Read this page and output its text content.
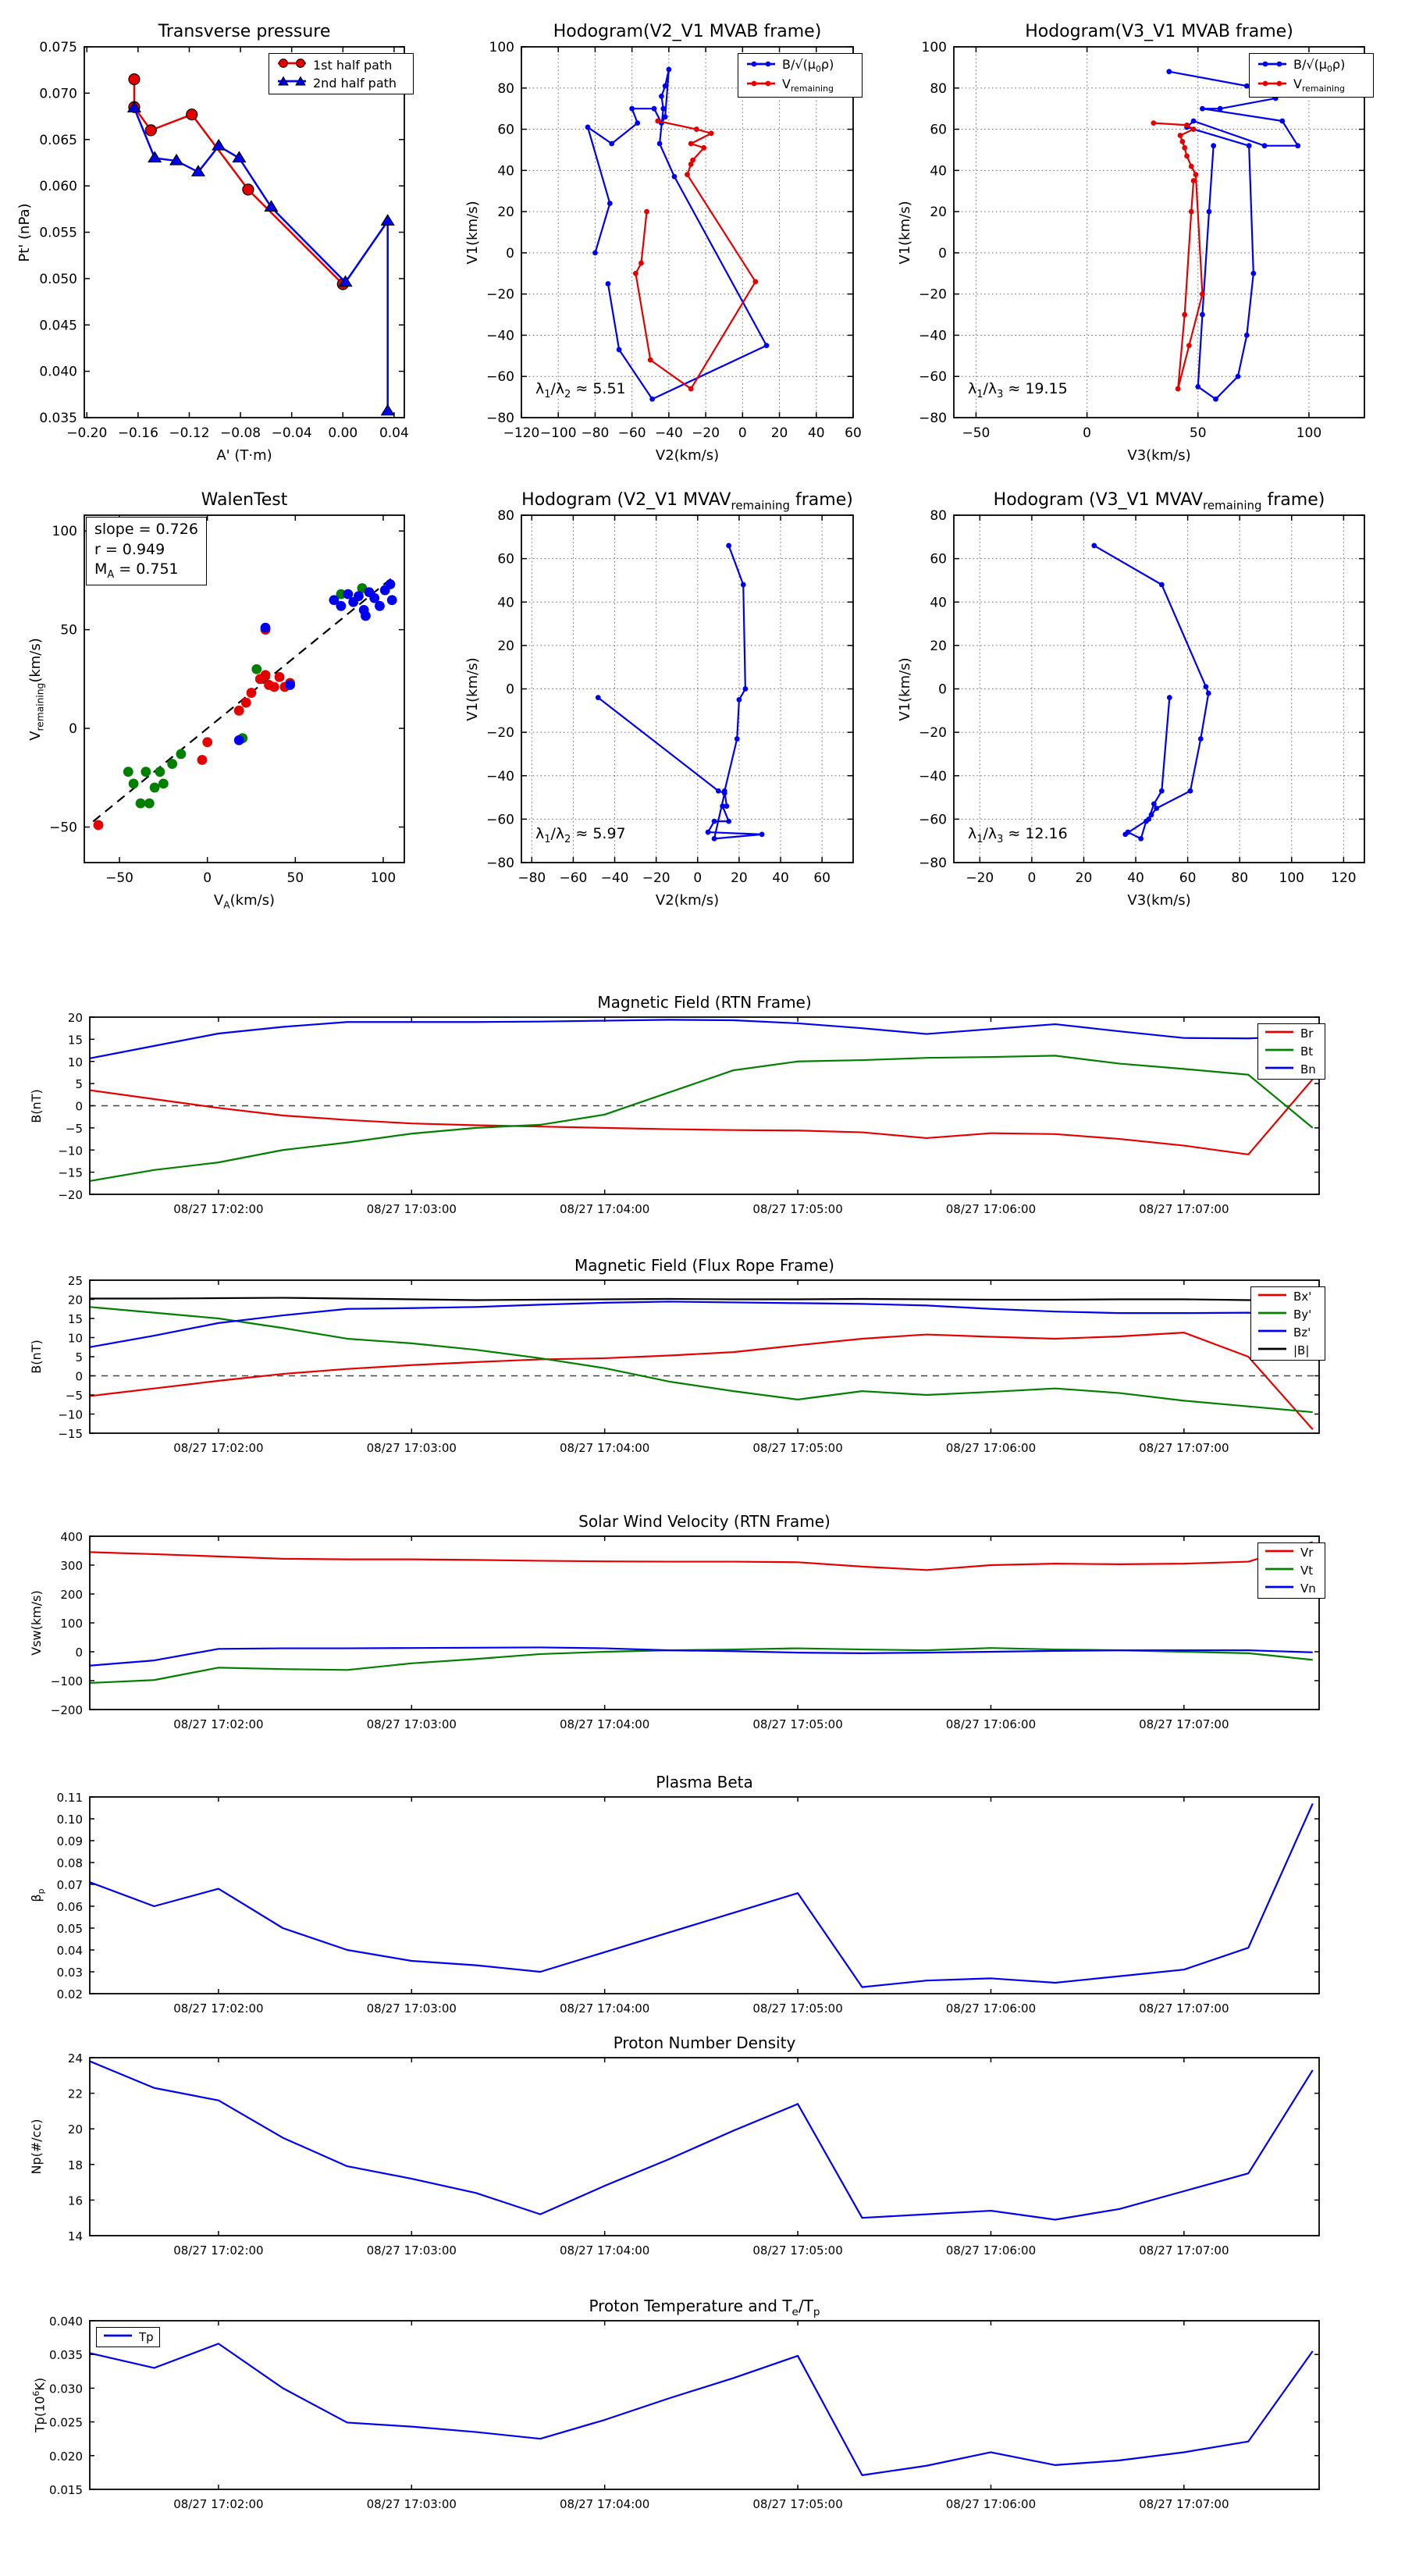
−0.20 −0.16 −0.12 −0.08 −0.04 0.00 0.04
0.035
0.040
0.045
0.050
0.055
0.060
0.065
0.070
0.075
−120 −100 −80 −60 −40 −20 0 20 40 60
−80
−60
−40
−20
0
20
40
60
80
100
−50	0	50	100
−80
−60
−40
−20
0
20
40
60
80
100
−50	0	50	100
−50
0
50
100
−80 −60 −40 −20 0 20 40 60
−80
−60
−40
−20
0
20
40
60
80
−20	0	20	40	60	80 100 120
−80
−60
−40
−20
0
20
40
60
80
08/27 17:02:00	08/27 17:03:00	08/27 17:04:00	08/27 17:05:00	08/27 17:06:00	08/27 17:07:00
−20
−15
−10
−5
0
5
10
15
20
08/27 17:02:00	08/27 17:03:00	08/27 17:04:00	08/27 17:05:00	08/27 17:06:00	08/27 17:07:00
−15
−10
−5
0
5
10
15
20
25
08/27 17:02:00	08/27 17:03:00	08/27 17:04:00	08/27 17:05:00	08/27 17:06:00	08/27 17:07:00
−200
−100
0
100
200
300
400
08/27 17:02:00	08/27 17:03:00	08/27 17:04:00	08/27 17:05:00	08/27 17:06:00	08/27 17:07:00
0.02
0.03
0.04
0.05
0.06
0.07
0.08
0.09
0.10
0.11
08/27 17:02:00	08/27 17:03:00	08/27 17:04:00	08/27 17:05:00	08/27 17:06:00	08/27 17:07:00
14
16
18
20
22
24
08/27 17:02:00	08/27 17:03:00	08/27 17:04:00	08/27 17:05:00	08/27 17:06:00	08/27 17:07:00
0.015
0.020
0.025
0.030
0.035
0.040
Transverse pressure
A' (T·m)
Pt' (nPa)
1st half path
2nd half path
Hodogram(V2_V1 MVAB frame)
V2(km/s)
V1(km/s)
$B/√(\mu_0\rho)$
$V_{remaining}$
$\lambda_1/\lambda_2 \approx 5.51$
Hodogram(V3_V1 MVAB frame)
V3(km/s)
V1(km/s)
$B/√(\mu_0\rho)$
$V_{remaining}$
$\lambda_1/\lambda_3 \approx 19.15$
WalenTest
$V_A(km/s)$
$V_{remaining}(km/s)$
slope = 0.726
r = 0.949
$M_A = 0.751$
Hodogram (V2_V1 $MVAV_{remaining}$ frame)
V2(km/s)
V1(km/s)
$\lambda_1/\lambda_2 \approx 5.97$
Hodogram (V3_V1 $MVAV_{remaining}$ frame)
V3(km/s)
V1(km/s)
$\lambda_1/\lambda_3 \approx 12.16$
Magnetic Field (RTN Frame)
B(nT)
Br
Bt
Bn
Magnetic Field (Flux Rope Frame)
B(nT)
Bx'
By'
Bz'
|B|
Solar Wind Velocity (RTN Frame)
Vsw(km/s)
Vr
Vt
Vn
Plasma Beta
$\beta_p$
Proton Number Density
Np(#/cc)
Proton Temperature and $T_e/T_p$
$Tp(10^6K)$
Tp
